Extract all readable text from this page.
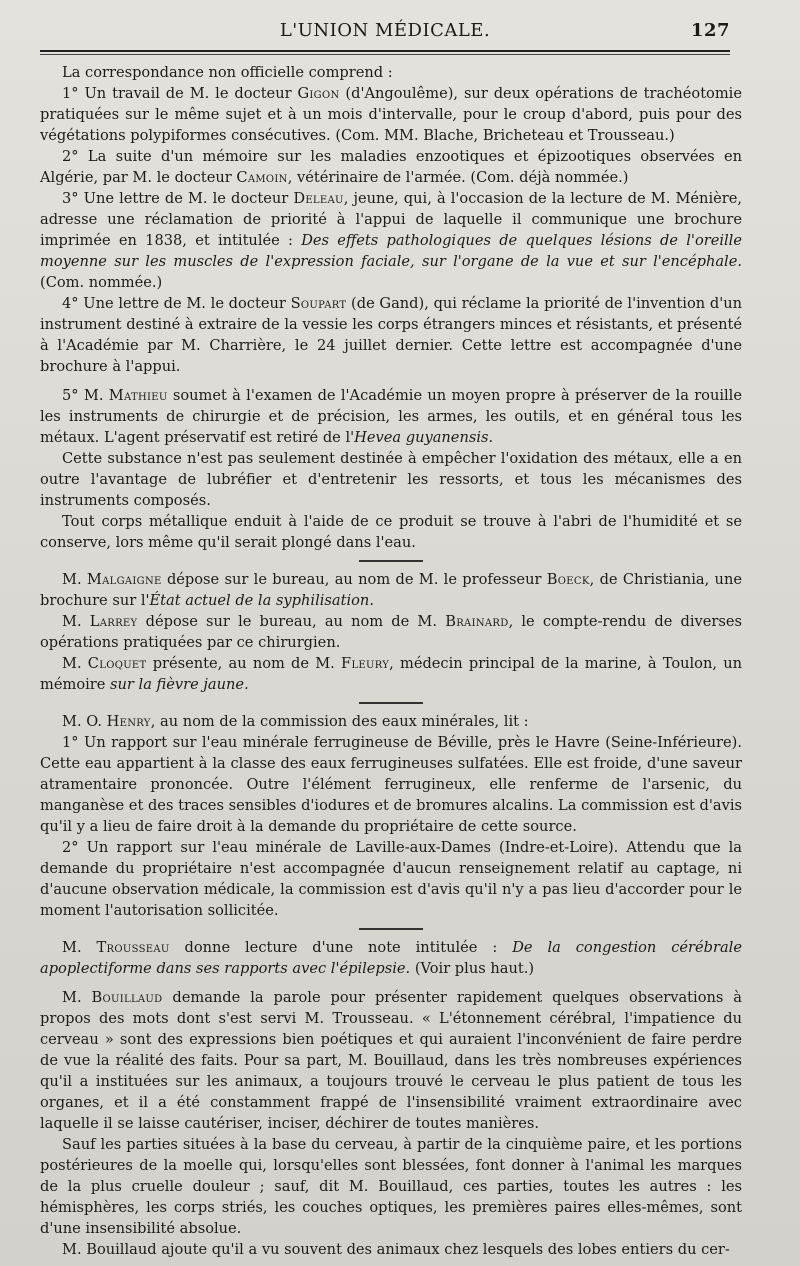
L'UNION MÉDICALE.	127

La correspondance non officielle comprend :

1° Un travail de M. le docteur Gigon (d'Angoulême), sur deux opérations de trachéotomie pratiquées sur le même sujet et à un mois d'intervalle, pour le croup d'abord, puis pour des végétations polypiformes consécutives. (Com. MM. Blache, Bricheteau et Trousseau.)

2° La suite d'un mémoire sur les maladies enzootiques et épizootiques observées en Algérie, par M. le docteur Camoin, vétérinaire de l'armée. (Com. déjà nommée.)

3° Une lettre de M. le docteur Deleau, jeune, qui, à l'occasion de la lecture de M. Ménière, adresse une réclamation de priorité à l'appui de laquelle il communique une brochure imprimée en 1838, et intitulée : Des effets pathologiques de quelques lésions de l'oreille moyenne sur les muscles de l'expression faciale, sur l'organe de la vue et sur l'encéphale. (Com. nommée.)

4° Une lettre de M. le docteur Soupart (de Gand), qui réclame la priorité de l'invention d'un instrument destiné à extraire de la vessie les corps étrangers minces et résistants, et présenté à l'Académie par M. Charrière, le 24 juillet dernier. Cette lettre est accompagnée d'une brochure à l'appui.

5° M. Mathieu soumet à l'examen de l'Académie un moyen propre à préserver de la rouille les instruments de chirurgie et de précision, les armes, les outils, et en général tous les métaux. L'agent préservatif est retiré de l'Hevea guyanensis.

Cette substance n'est pas seulement destinée à empêcher l'oxidation des métaux, elle a en outre l'avantage de lubréfier et d'entretenir les ressorts, et tous les mécanismes des instruments composés.

Tout corps métallique enduit à l'aide de ce produit se trouve à l'abri de l'humidité et se conserve, lors même qu'il serait plongé dans l'eau.

M. Malgaigne dépose sur le bureau, au nom de M. le professeur Boeck, de Christiania, une brochure sur l'État actuel de la syphilisation.

M. Larrey dépose sur le bureau, au nom de M. Brainard, le compte-rendu de diverses opérations pratiquées par ce chirurgien.

M. Cloquet présente, au nom de M. Fleury, médecin principal de la marine, à Toulon, un mémoire sur la fièvre jaune.

M. O. Henry, au nom de la commission des eaux minérales, lit :

1° Un rapport sur l'eau minérale ferrugineuse de Béville, près le Havre (Seine-Inférieure). Cette eau appartient à la classe des eaux ferrugineuses sulfatées. Elle est froide, d'une saveur atramentaire prononcée. Outre l'élément ferrugineux, elle renferme de l'arsenic, du manganèse et des traces sensibles d'iodures et de bromures alcalins. La commission est d'avis qu'il y a lieu de faire droit à la demande du propriétaire de cette source.

2° Un rapport sur l'eau minérale de Laville-aux-Dames (Indre-et-Loire). Attendu que la demande du propriétaire n'est accompagnée d'aucun renseignement relatif au captage, ni d'aucune observation médicale, la commission est d'avis qu'il n'y a pas lieu d'accorder pour le moment l'autorisation sollicitée.

M. Trousseau donne lecture d'une note intitulée : De la congestion cérébrale apoplectiforme dans ses rapports avec l'épilepsie. (Voir plus haut.)

M. Bouillaud demande la parole pour présenter rapidement quelques observations à propos des mots dont s'est servi M. Trousseau. « L'étonnement cérébral, l'impatience du cerveau » sont des expressions bien poétiques et qui auraient l'inconvénient de faire perdre de vue la réalité des faits. Pour sa part, M. Bouillaud, dans les très nombreuses expériences qu'il a instituées sur les animaux, a toujours trouvé le cerveau le plus patient de tous les organes, et il a été constamment frappé de l'insensibilité vraiment extraordinaire avec laquelle il se laisse cautériser, inciser, déchirer de toutes manières.

Sauf les parties situées à la base du cerveau, à partir de la cinquième paire, et les portions postérieures de la moelle qui, lorsqu'elles sont blessées, font donner à l'animal les marques de la plus cruelle douleur ; sauf, dit M. Bouillaud, ces parties, toutes les autres : les hémisphères, les corps striés, les couches optiques, les premières paires elles-mêmes, sont d'une insensibilité absolue.

M. Bouillaud ajoute qu'il a vu souvent des animaux chez lesquels des lobes entiers du cer-
